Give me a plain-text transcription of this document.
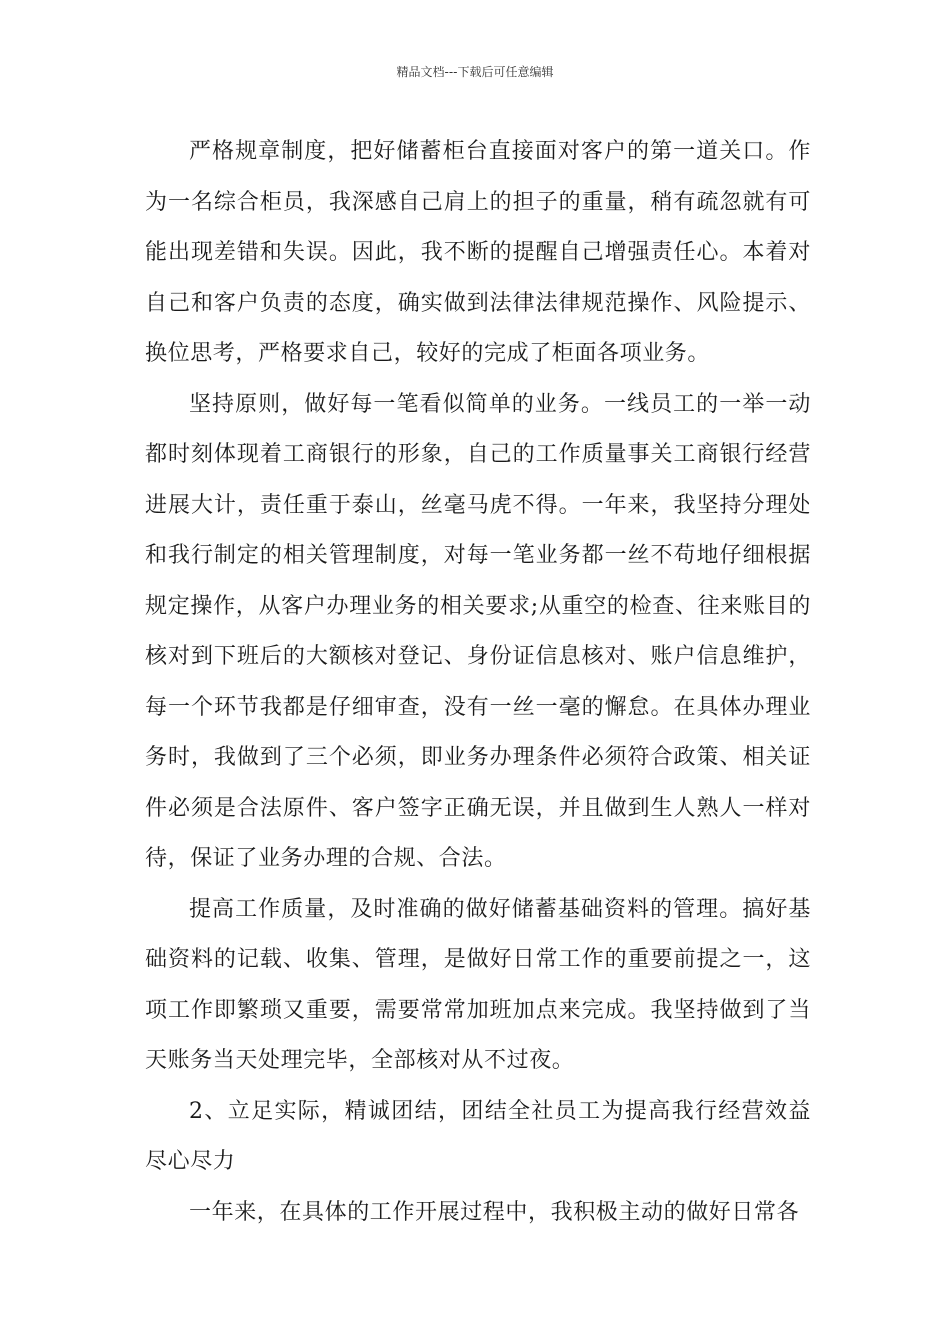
精品文档---下载后可任意编辑

严格规章制度，把好储蓄柜台直接面对客户的第一道关口。作为一名综合柜员，我深感自己肩上的担子的重量，稍有疏忽就有可能出现差错和失误。因此，我不断的提醒自己增强责任心。本着对自己和客户负责的态度，确实做到法律法律规范操作、风险提示、换位思考，严格要求自己，较好的完成了柜面各项业务。

坚持原则，做好每一笔看似简单的业务。一线员工的一举一动都时刻体现着工商银行的形象，自己的工作质量事关工商银行经营进展大计，责任重于泰山，丝毫马虎不得。一年来，我坚持分理处和我行制定的相关管理制度，对每一笔业务都一丝不苟地仔细根据规定操作，从客户办理业务的相关要求;从重空的检查、往来账目的核对到下班后的大额核对登记、身份证信息核对、账户信息维护，每一个环节我都是仔细审查，没有一丝一毫的懈怠。在具体办理业务时，我做到了三个必须，即业务办理条件必须符合政策、相关证件必须是合法原件、客户签字正确无误，并且做到生人熟人一样对待，保证了业务办理的合规、合法。

提高工作质量，及时准确的做好储蓄基础资料的管理。搞好基础资料的记载、收集、管理，是做好日常工作的重要前提之一，这项工作即繁琐又重要，需要常常加班加点来完成。我坚持做到了当天账务当天处理完毕，全部核对从不过夜。

2、立足实际，精诚团结，团结全社员工为提高我行经营效益尽心尽力

一年来，在具体的工作开展过程中，我积极主动的做好日常各
